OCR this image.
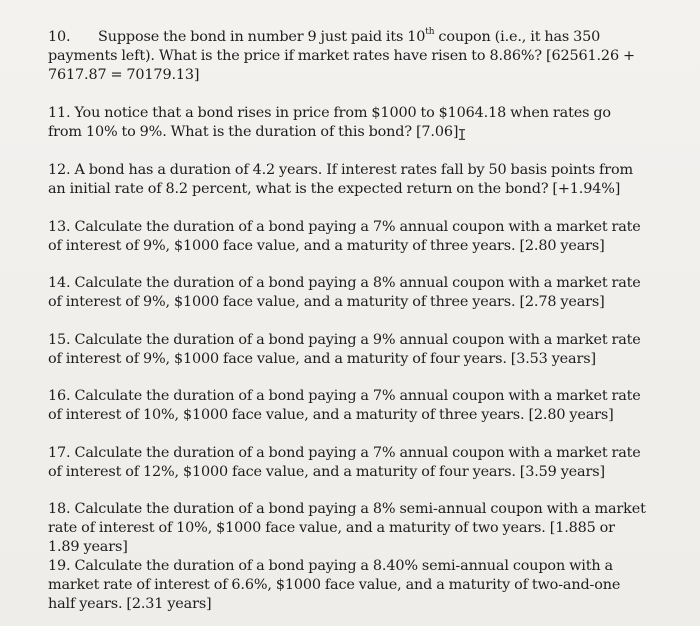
10. Suppose the bond in number 9 just paid its 10th coupon (i.e., it has 350 payments left). What is the price if market rates have risen to 8.86%? [62561.26 + 7617.87 = 70179.13]

11. You notice that a bond rises in price from $1000 to $1064.18 when rates go from 10% to 9%. What is the duration of this bond? [7.06]

12. A bond has a duration of 4.2 years. If interest rates fall by 50 basis points from an initial rate of 8.2 percent, what is the expected return on the bond? [+1.94%]

13. Calculate the duration of a bond paying a 7% annual coupon with a market rate of interest of 9%, $1000 face value, and a maturity of three years. [2.80 years]

14. Calculate the duration of a bond paying a 8% annual coupon with a market rate of interest of 9%, $1000 face value, and a maturity of three years. [2.78 years]

15. Calculate the duration of a bond paying a 9% annual coupon with a market rate of interest of 9%, $1000 face value, and a maturity of four years. [3.53 years]

16. Calculate the duration of a bond paying a 7% annual coupon with a market rate of interest of 10%, $1000 face value, and a maturity of three years. [2.80 years]

17. Calculate the duration of a bond paying a 7% annual coupon with a market rate of interest of 12%, $1000 face value, and a maturity of four years. [3.59 years]

18. Calculate the duration of a bond paying a 8% semi-annual coupon with a market rate of interest of 10%, $1000 face value, and a maturity of two years. [1.885 or 1.89 years]

19. Calculate the duration of a bond paying a 8.40% semi-annual coupon with a market rate of interest of 6.6%, $1000 face value, and a maturity of two-and-one half years. [2.31 years]

I
